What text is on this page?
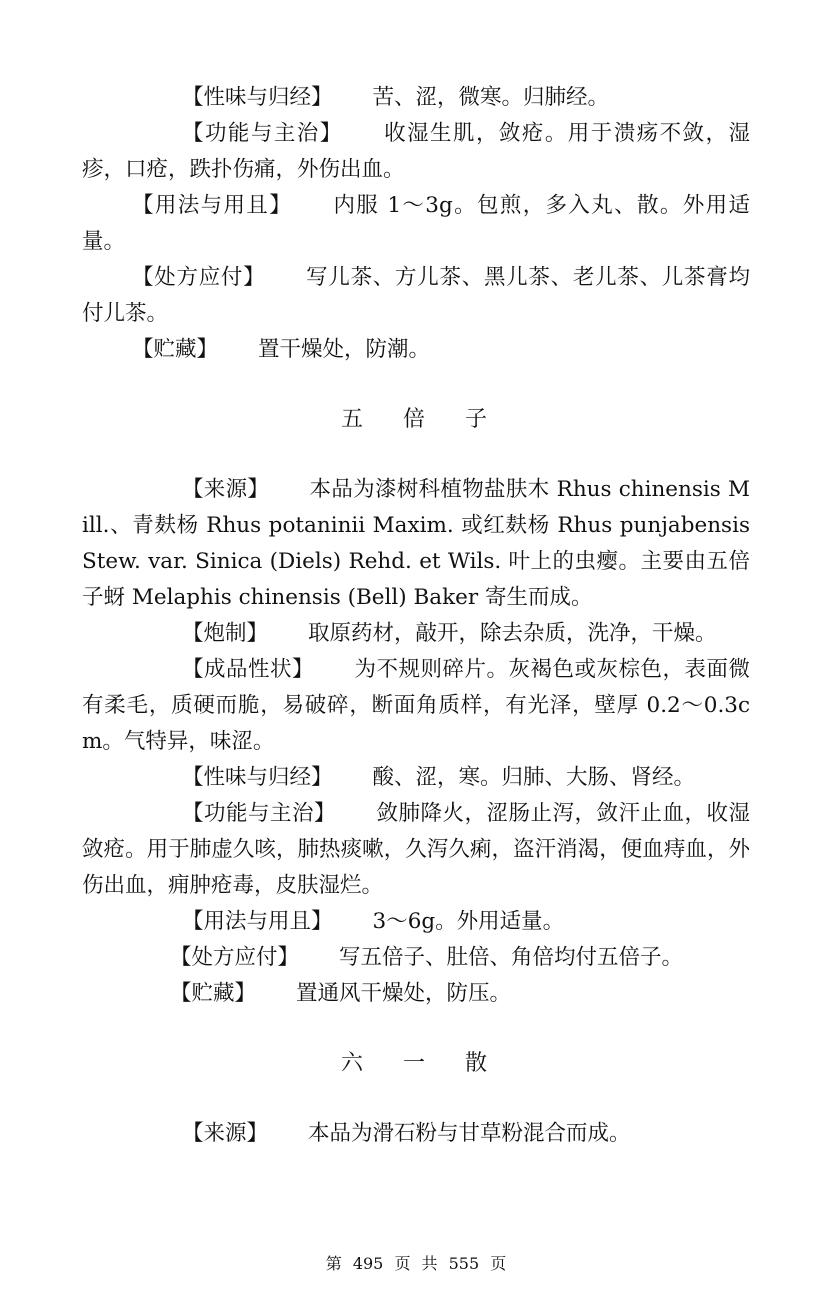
【性味与归经】 苦、涩，微寒。归肺经。

【功能与主治】 收湿生肌，敛疮。用于溃疡不敛，湿疹，口疮，跌扑伤痛，外伤出血。

【用法与用且】 内服 1～3g。包煎，多入丸、散。外用适量。

【处方应付】 写儿茶、方儿茶、黑儿茶、老儿茶、儿茶膏均付儿茶。

【贮藏】 置干燥处，防潮。

五 倍 子

【来源】 本品为漆树科植物盐肤木 Rhus chinensis Mill.、青麸杨 Rhus potaninii Maxim. 或红麸杨 Rhus punjabensis Stew. var. Sinica (Diels) Rehd. et Wils. 叶上的虫瘿。主要由五倍子蚜 Melaphis chinensis (Bell) Baker 寄生而成。

【炮制】 取原药材，敲开，除去杂质，洗净，干燥。

【成品性状】 为不规则碎片。灰褐色或灰棕色，表面微有柔毛，质硬而脆，易破碎，断面角质样，有光泽，壁厚 0.2～0.3cm。气特异，味涩。

【性味与归经】 酸、涩，寒。归肺、大肠、肾经。

【功能与主治】 敛肺降火，涩肠止泻，敛汗止血，收湿敛疮。用于肺虚久咳，肺热痰嗽，久泻久痢，盗汗消渴，便血痔血，外伤出血，痈肿疮毒，皮肤湿烂。

【用法与用且】 3～6g。外用适量。

【处方应付】 写五倍子、肚倍、角倍均付五倍子。

【贮藏】 置通风干燥处，防压。

六 一 散

【来源】 本品为滑石粉与甘草粉混合而成。

第 495 页 共 555 页
